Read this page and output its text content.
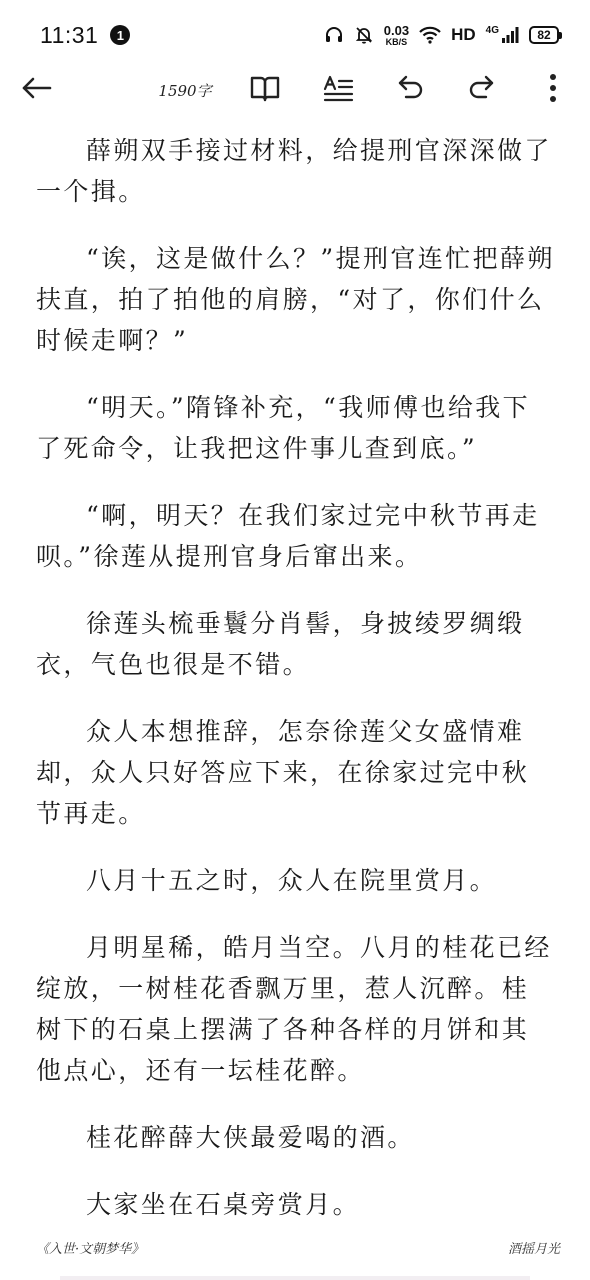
11:31	1	0.03
KB/S	HD 4G	82
1590字

薛朔双手接过材料，给提刑官深深做了一个揖。

“诶，这是做什么？”提刑官连忙把薛朔扶直，拍了拍他的肩膀，“对了，你们什么时候走啊？”

“明天。”隋锋补充，“我师傅也给我下了死命令，让我把这件事儿查到底。”

“啊，明天？在我们家过完中秋节再走呗。”徐莲从提刑官身后窜出来。

徐莲头梳垂鬟分肖髻，身披绫罗绸缎衣，气色也很是不错。

众人本想推辞，怎奈徐莲父女盛情难却，众人只好答应下来，在徐家过完中秋节再走。

八月十五之时，众人在院里赏月。

月明星稀，皓月当空。八月的桂花已经绽放，一树桂花香飘万里，惹人沉醉。桂树下的石桌上摆满了各种各样的月饼和其他点心，还有一坛桂花醉。

桂花醉薛大侠最爱喝的酒。

大家坐在石桌旁赏月。

《入世·文朝梦华》	酒摇月光
